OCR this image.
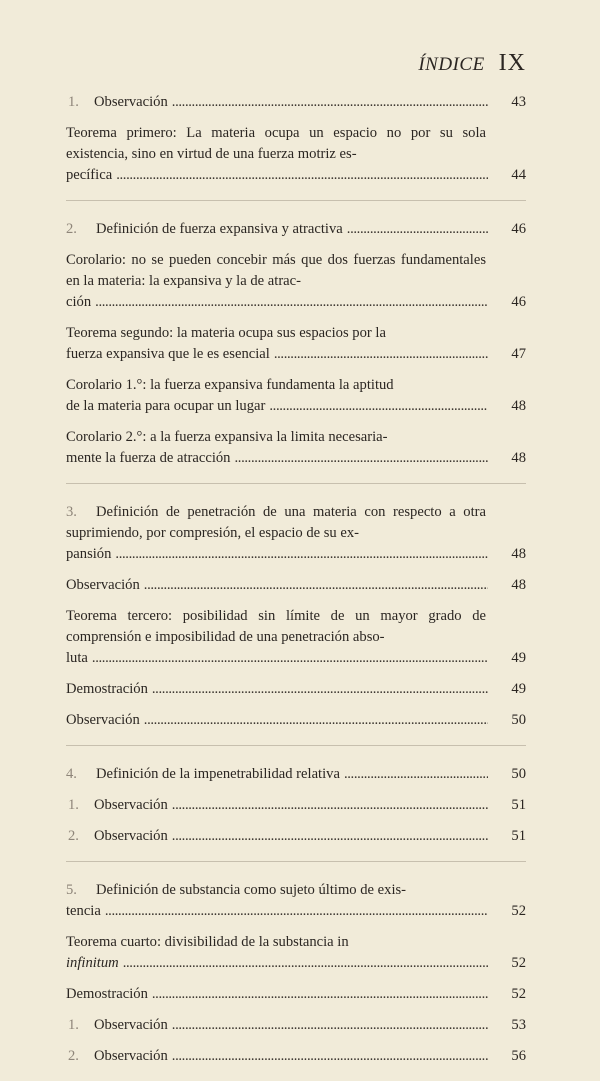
ÍNDICE IX
1.	Observación . . .	43
Teorema primero: La materia ocupa un espacio no por su sola existencia, sino en virtud de una fuerza motriz es-
pecífica . . .	44
2.	Definición de fuerza expansiva y atractiva . . .	46
Corolario: no se pueden concebir más que dos fuerzas fundamentales en la materia: la expansiva y la de atrac-
ción . . .	46
Teorema segundo: la materia ocupa sus espacios por la
fuerza expansiva que le es esencial . . .	47
Corolario 1.°: la fuerza expansiva fundamenta la aptitud
de la materia para ocupar un lugar . . .	48
Corolario 2.°: a la fuerza expansiva la limita necesaria-
mente la fuerza de atracción . . .	48
3. Definición de penetración de una materia con respecto a otra suprimiendo, por compresión, el espacio de su ex-
pansión . . .	48
Observación . . .	48
Teorema tercero: posibilidad sin límite de un mayor grado de comprensión e imposibilidad de una penetración abso-
luta . . .	49
Demostración . . .	49
Observación . . .	50
4.	Definición de la impenetrabilidad relativa . . .	50
1.	Observación . . .	51
2.	Observación . . .	51
5. Definición de substancia como sujeto último de exis-
tencia . . .	52
Teorema cuarto: divisibilidad de la substancia in
infinitum . . .	52
Demostración . . .	52
1.	Observación . . .	53
2.	Observación . . .	56
